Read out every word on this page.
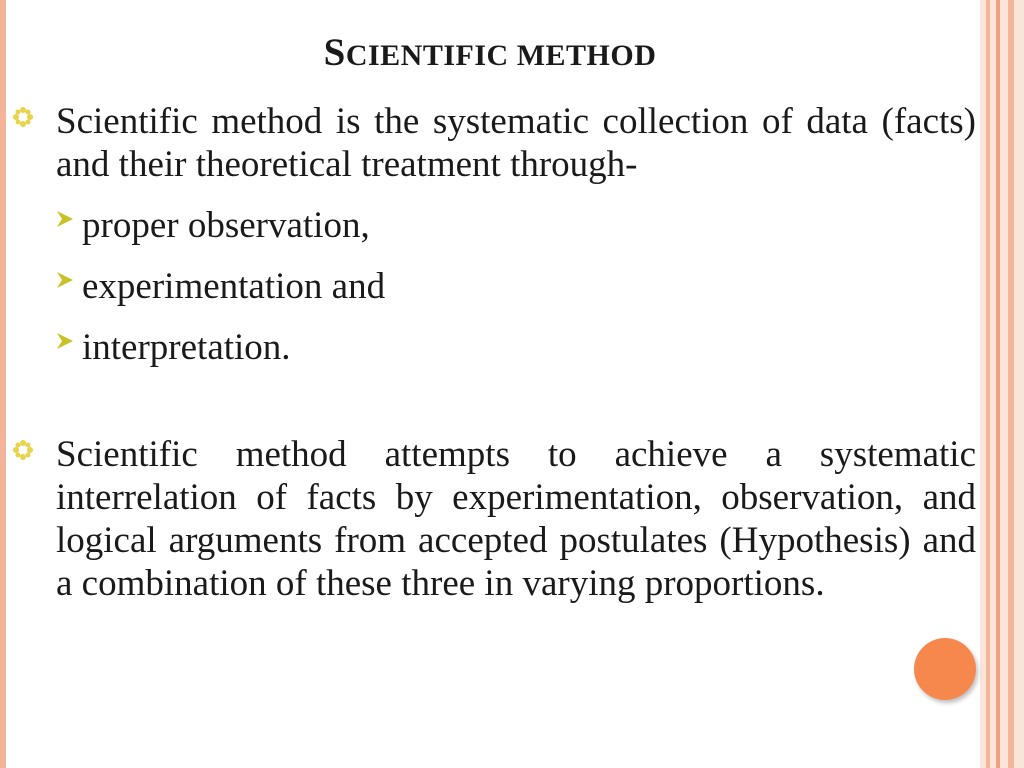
SCIENTIFIC METHOD
Scientific method is the systematic collection of data (facts) and their theoretical treatment through-
proper observation,
experimentation and
interpretation.
Scientific method attempts to achieve a systematic interrelation of facts by experimentation, observation, and logical arguments from accepted postulates (Hypothesis) and a combination of these three in varying proportions.
